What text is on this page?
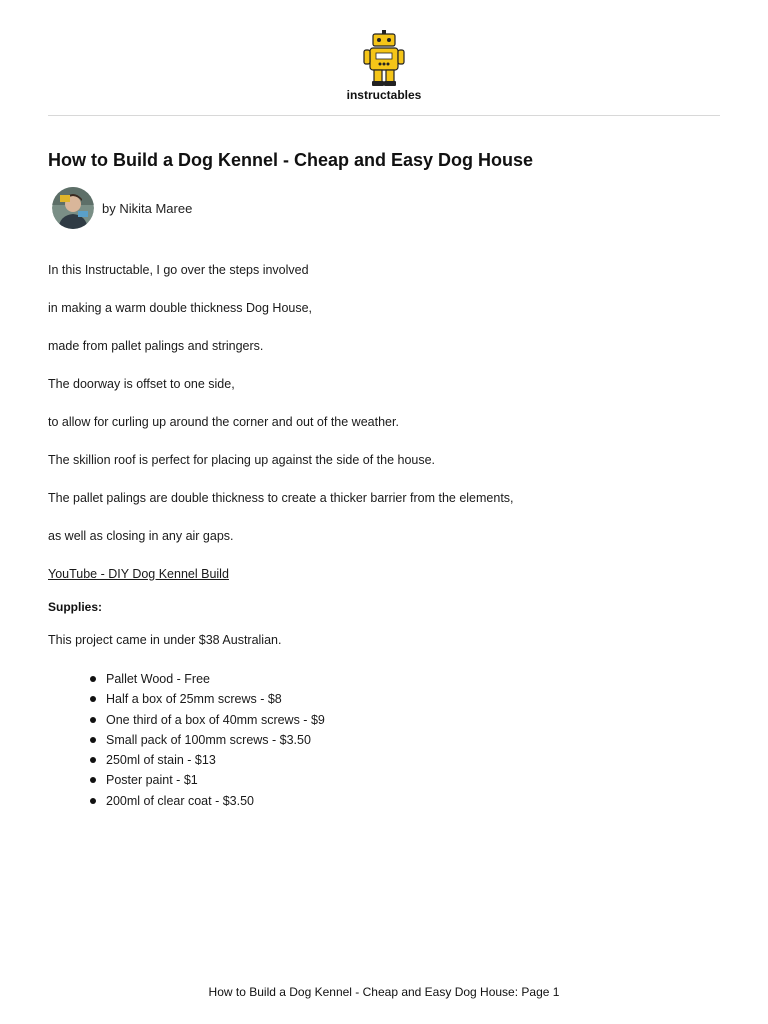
instructables
How to Build a Dog Kennel - Cheap and Easy Dog House
by Nikita Maree
In this Instructable, I go over the steps involved
in making a warm double thickness Dog House,
made from pallet palings and stringers.
The doorway is offset to one side,
to allow for curling up around the corner and out of the weather.
The skillion roof is perfect for placing up against the side of the house.
The pallet palings are double thickness to create a thicker barrier from the elements,
as well as closing in any air gaps.
YouTube - DIY Dog Kennel Build
Supplies:
This project came in under $38 Australian.
Pallet Wood - Free
Half a box of 25mm screws - $8
One third of a box of 40mm screws - $9
Small pack of 100mm screws - $3.50
250ml of stain - $13
Poster paint - $1
200ml of clear coat - $3.50
How to Build a Dog Kennel - Cheap and Easy Dog House: Page 1
